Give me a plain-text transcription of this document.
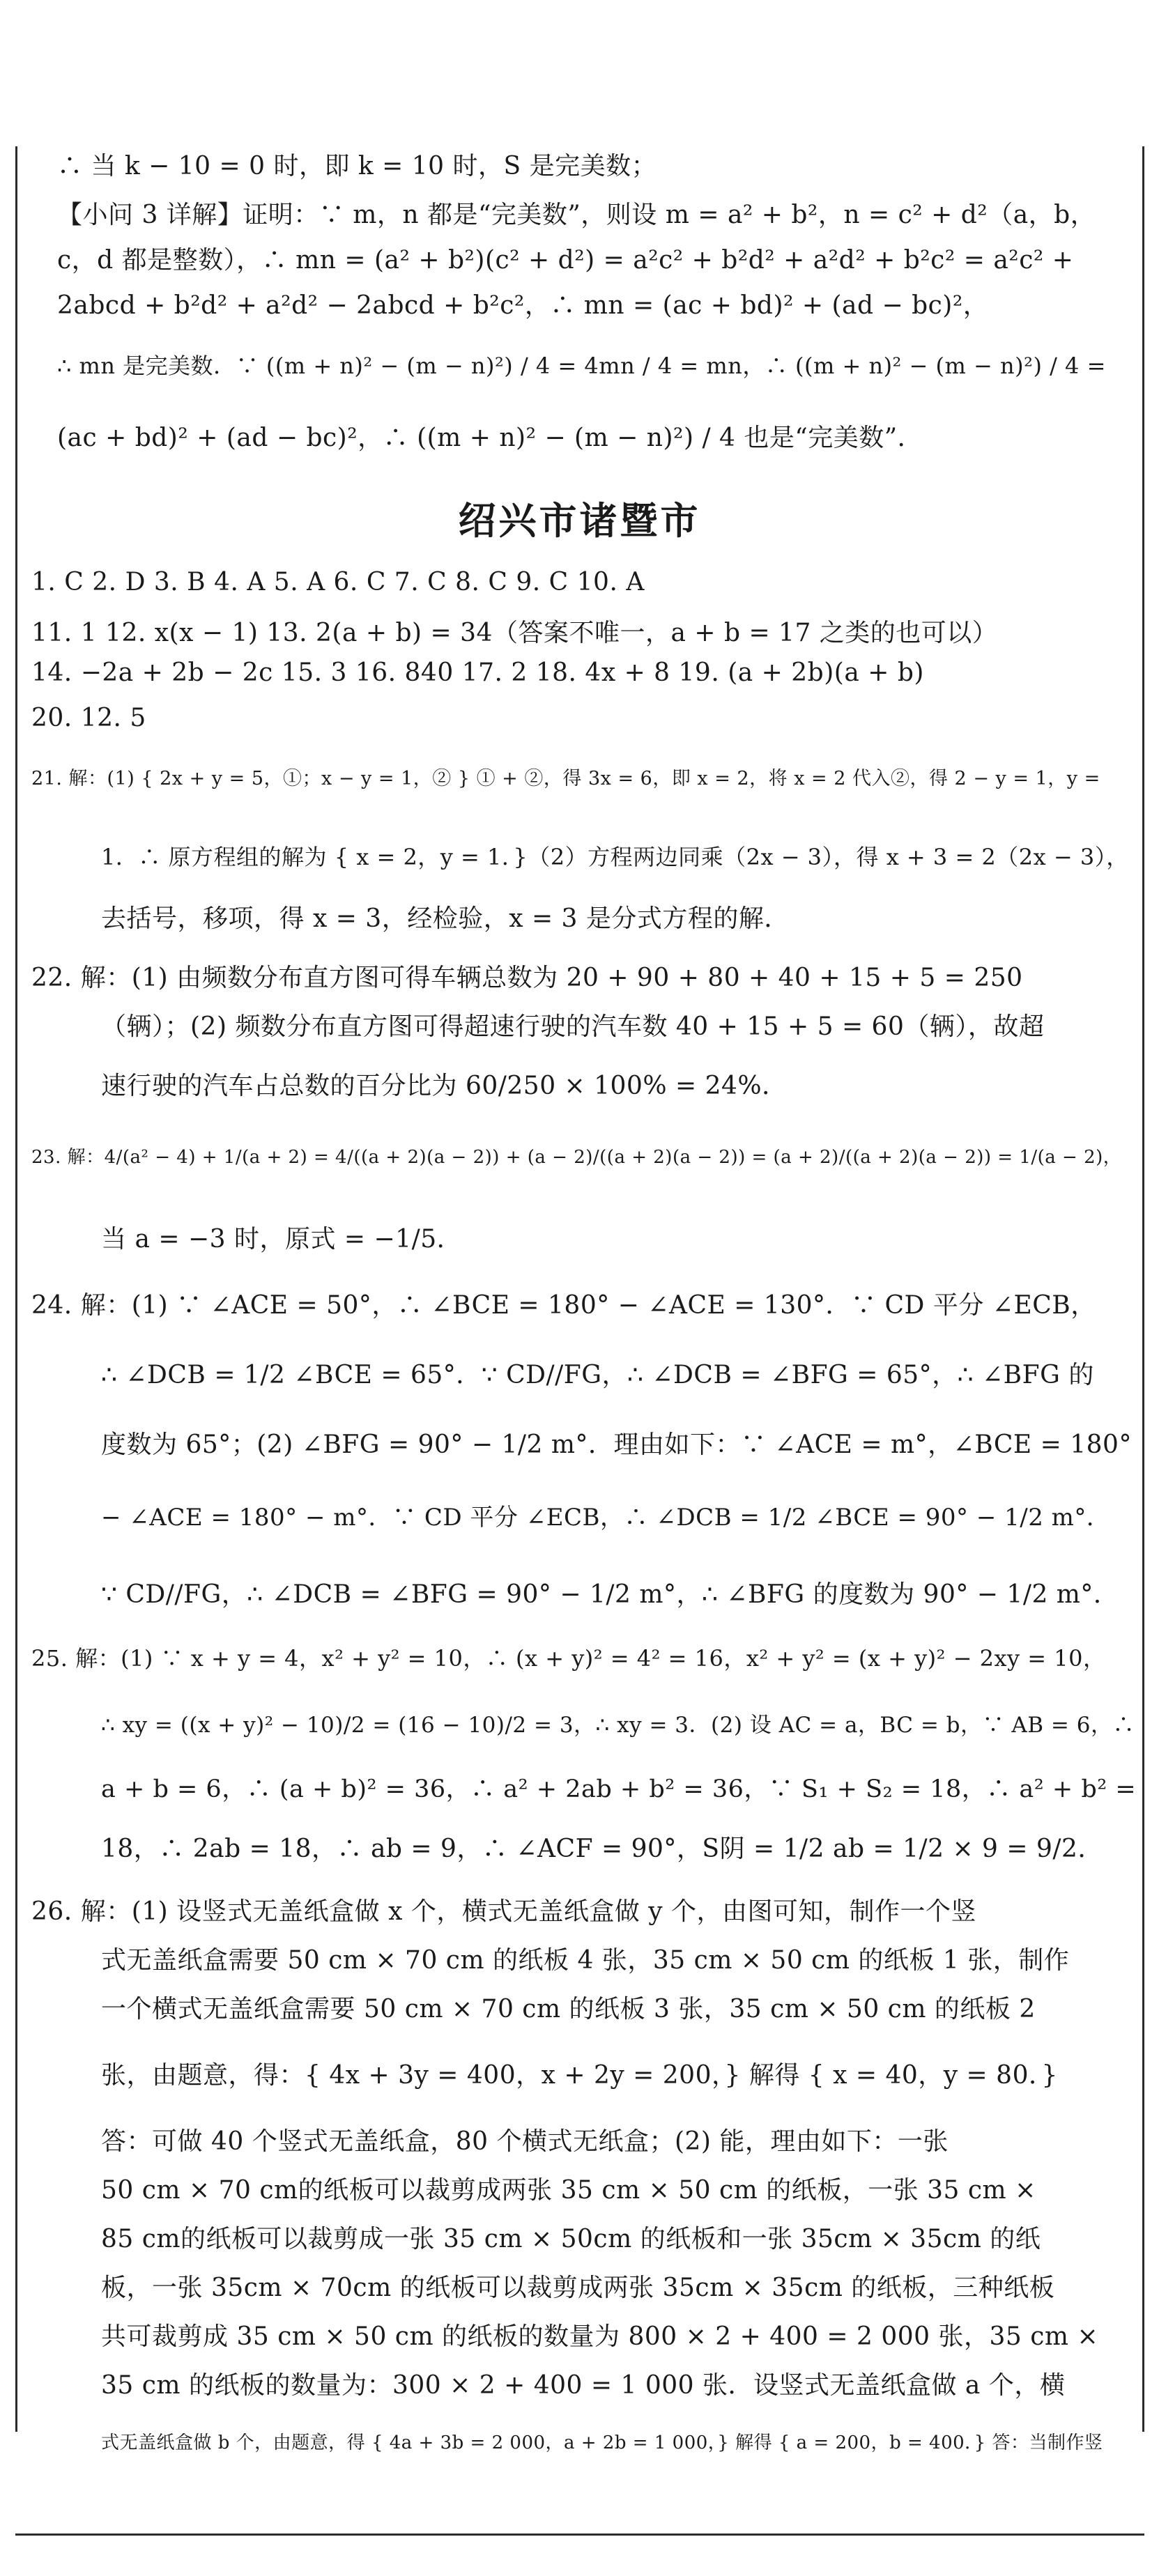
∴ 当 k − 10 = 0 时，即 k = 10 时，S 是完美数；
【小问 3 详解】证明：∵ m，n 都是“完美数”，则设 m = a² + b²，n = c² + d²（a，b，
c，d 都是整数），∴ mn = (a² + b²)(c² + d²) = a²c² + b²d² + a²d² + b²c² = a²c² +
2abcd + b²d² + a²d² − 2abcd + b²c²，∴ mn = (ac + bd)² + (ad − bc)²，
∴ mn 是完美数．∵ ((m + n)² − (m − n)²) / 4 = 4mn / 4 = mn，∴ ((m + n)² − (m − n)²) / 4 =
(ac + bd)² + (ad − bc)²，∴ ((m + n)² − (m − n)²) / 4 也是“完美数”．
绍兴市诸暨市
1. C 2. D 3. B 4. A 5. A 6. C 7. C 8. C 9. C 10. A
11. 1 12. x(x − 1) 13. 2(a + b) = 34（答案不唯一，a + b = 17 之类的也可以）
14. −2a + 2b − 2c 15. 3 16. 840 17. 2 18. 4x + 8 19. (a + 2b)(a + b)
20. 12. 5
21. 解：(1) { 2x + y = 5，①；x − y = 1，② } ① + ②，得 3x = 6，即 x = 2，将 x = 2 代入②，得 2 − y = 1，y =
1．∴ 原方程组的解为 { x = 2，y = 1．}（2）方程两边同乘（2x − 3），得 x + 3 = 2（2x − 3），
去括号，移项，得 x = 3，经检验，x = 3 是分式方程的解．
22. 解：(1) 由频数分布直方图可得车辆总数为 20 + 90 + 80 + 40 + 15 + 5 = 250
（辆）；(2) 频数分布直方图可得超速行驶的汽车数 40 + 15 + 5 = 60（辆），故超
速行驶的汽车占总数的百分比为 60/250 × 100% = 24%．
23. 解：4/(a² − 4) + 1/(a + 2) = 4/((a + 2)(a − 2)) + (a − 2)/((a + 2)(a − 2)) = (a + 2)/((a + 2)(a − 2)) = 1/(a − 2)，
当 a = −3 时，原式 = −1/5．
24. 解：(1) ∵ ∠ACE = 50°，∴ ∠BCE = 180° − ∠ACE = 130°．∵ CD 平分 ∠ECB，
∴ ∠DCB = 1/2 ∠BCE = 65°．∵ CD//FG，∴ ∠DCB = ∠BFG = 65°，∴ ∠BFG 的
度数为 65°；(2) ∠BFG = 90° − 1/2 m°．理由如下：∵ ∠ACE = m°，∠BCE = 180°
− ∠ACE = 180° − m°．∵ CD 平分 ∠ECB，∴ ∠DCB = 1/2 ∠BCE = 90° − 1/2 m°．
∵ CD//FG，∴ ∠DCB = ∠BFG = 90° − 1/2 m°，∴ ∠BFG 的度数为 90° − 1/2 m°．
25. 解：(1) ∵ x + y = 4，x² + y² = 10，∴ (x + y)² = 4² = 16，x² + y² = (x + y)² − 2xy = 10，
∴ xy = ((x + y)² − 10)/2 = (16 − 10)/2 = 3，∴ xy = 3．(2) 设 AC = a，BC = b，∵ AB = 6，∴
a + b = 6，∴ (a + b)² = 36，∴ a² + 2ab + b² = 36，∵ S₁ + S₂ = 18，∴ a² + b² =
18，∴ 2ab = 18，∴ ab = 9，∴ ∠ACF = 90°，S阴 = 1/2 ab = 1/2 × 9 = 9/2．
26. 解：(1) 设竖式无盖纸盒做 x 个，横式无盖纸盒做 y 个，由图可知，制作一个竖
式无盖纸盒需要 50 cm × 70 cm 的纸板 4 张，35 cm × 50 cm 的纸板 1 张，制作
一个横式无盖纸盒需要 50 cm × 70 cm 的纸板 3 张，35 cm × 50 cm 的纸板 2
张，由题意，得：{ 4x + 3y = 400，x + 2y = 200，} 解得 { x = 40，y = 80．}
答：可做 40 个竖式无盖纸盒，80 个横式无纸盒；(2) 能，理由如下：一张
50 cm × 70 cm的纸板可以裁剪成两张 35 cm × 50 cm 的纸板，一张 35 cm ×
85 cm的纸板可以裁剪成一张 35 cm × 50cm 的纸板和一张 35cm × 35cm 的纸
板，一张 35cm × 70cm 的纸板可以裁剪成两张 35cm × 35cm 的纸板，三种纸板
共可裁剪成 35 cm × 50 cm 的纸板的数量为 800 × 2 + 400 = 2 000 张，35 cm ×
35 cm 的纸板的数量为：300 × 2 + 400 = 1 000 张．设竖式无盖纸盒做 a 个，横
式无盖纸盒做 b 个，由题意，得 { 4a + 3b = 2 000，a + 2b = 1 000，} 解得 { a = 200，b = 400．} 答：当制作竖
